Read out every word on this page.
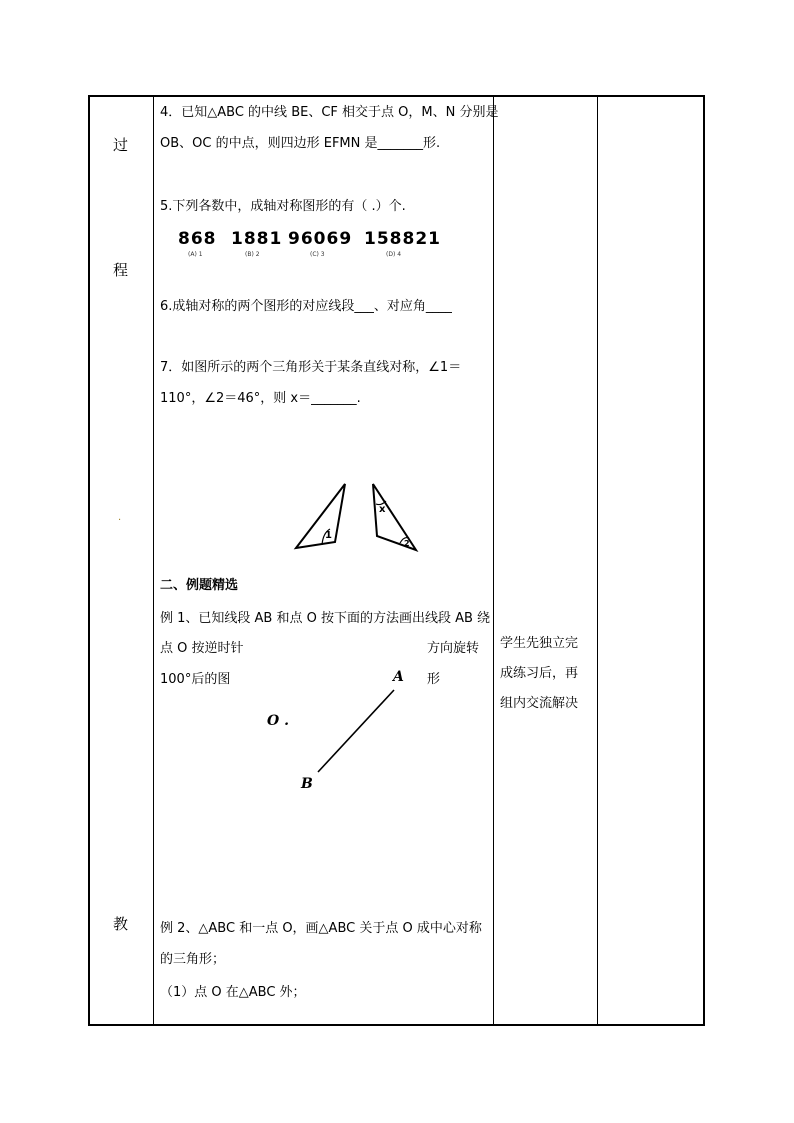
过
程
.
教
4．已知△ABC 的中线 BE、CF 相交于点 O，M、N 分别是
OB、OC 的中点，则四边形 EFMN 是_______形.
5.下列各数中，成轴对称图形的有（ .）个.
868 1881 96069 158821
(A) 1	(B) 2	(C) 3	(D) 4
6.成轴对称的两个图形的对应线段___、对应角____
7．如图所示的两个三角形关于某条直线对称，∠1＝
110°，∠2＝46°，则 x＝_______.
1
x
2
二、例题精选
例 1、已知线段 AB 和点 O 按下面的方法画出线段 AB 绕
点 O 按逆时针	方向旋转
100°后的图	形
A
B
O .
例 2、△ABC 和一点 O，画△ABC 关于点 O 成中心对称
的三角形；
（1）点 O 在△ABC 外；
学生先独立完
成练习后，再
组内交流解决
